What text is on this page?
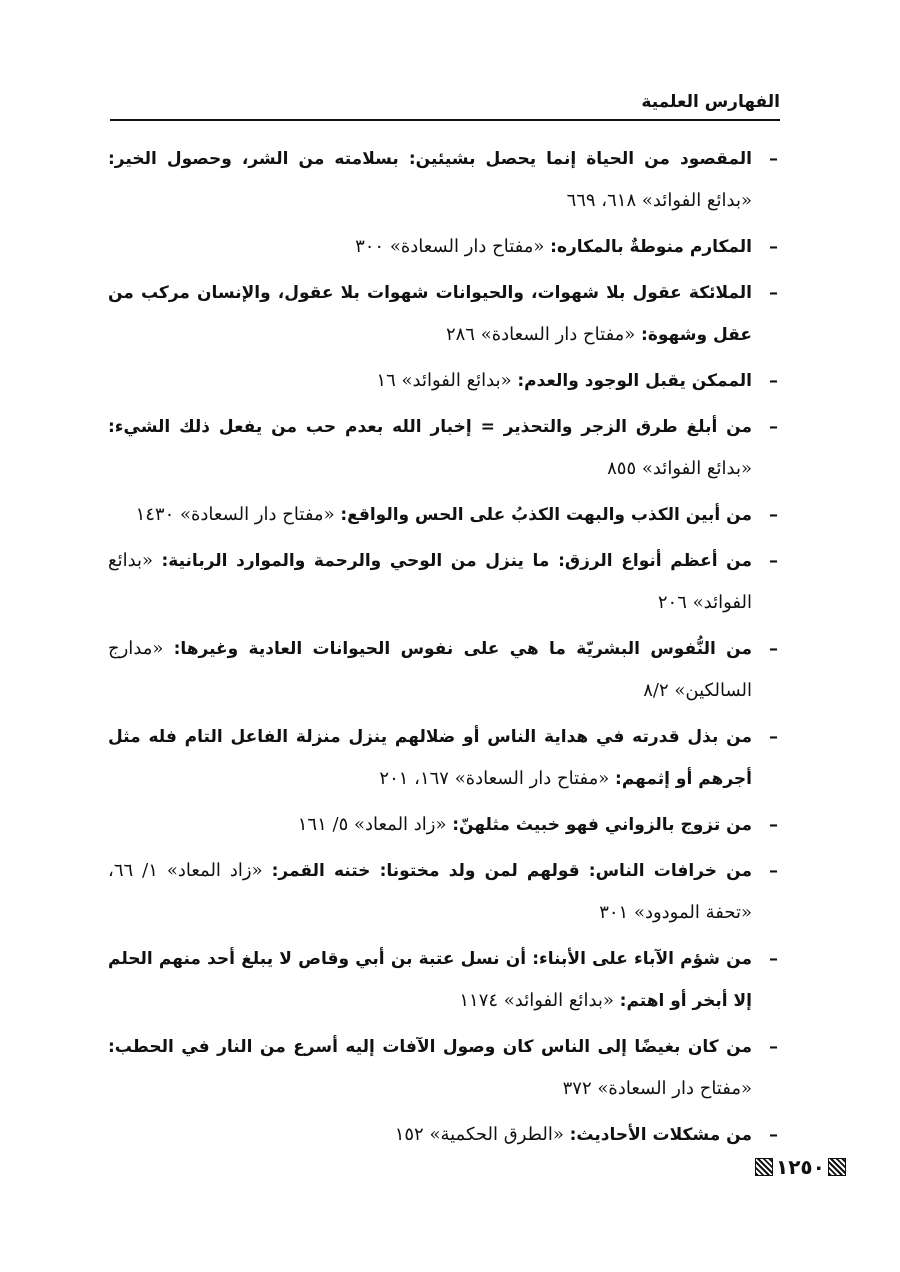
الفهارس العلمية
–
المقصود من الحياة إنما يحصل بشيئين: بسلامته من الشر، وحصول الخير: «بدائع الفوائد» ٦١٨، ٦٦٩
–
المكارم منوطةٌ بالمكاره: «مفتاح دار السعادة» ٣٠٠
–
الملائكة عقول بلا شهوات، والحيوانات شهوات بلا عقول، والإنسان مركب من عقل وشهوة: «مفتاح دار السعادة» ٢٨٦
–
الممكن يقبل الوجود والعدم: «بدائع الفوائد» ١٦
–
من أبلغ طرق الزجر والتحذير = إخبار الله بعدم حب من يفعل ذلك الشيء: «بدائع الفوائد» ٨٥٥
–
من أبين الكذب والبهت الكذبُ على الحس والواقع: «مفتاح دار السعادة» ١٤٣٠
–
من أعظم أنواع الرزق: ما ينزل من الوحي والرحمة والموارد الربانية: «بدائع الفوائد» ٢٠٦
–
من النُّفوس البشريّة ما هي على نفوس الحيوانات العادية وغيرها: «مدارج السالكين» ٨/٢
–
من بذل قدرته في هداية الناس أو ضلالهم ينزل منزلة الفاعل التام فله مثل أجرهم أو إثمهم: «مفتاح دار السعادة» ١٦٧، ٢٠١
–
من تزوج بالزواني فهو خبيث مثلهنّ: «زاد المعاد» ٥/ ١٦١
–
من خرافات الناس: قولهم لمن ولد مختونا: ختنه القمر: «زاد المعاد» ١/ ٦٦، «تحفة المودود» ٣٠١
–
من شؤم الآباء على الأبناء: أن نسل عتبة بن أبي وقاص لا يبلغ أحد منهم الحلم إلا أبخر أو اهتم: «بدائع الفوائد» ١١٧٤
–
من كان بغيضًا إلى الناس كان وصول الآفات إليه أسرع من النار في الحطب: «مفتاح دار السعادة» ٣٧٢
–
من مشكلات الأحاديث: «الطرق الحكمية» ١٥٢
١٢٥٠
